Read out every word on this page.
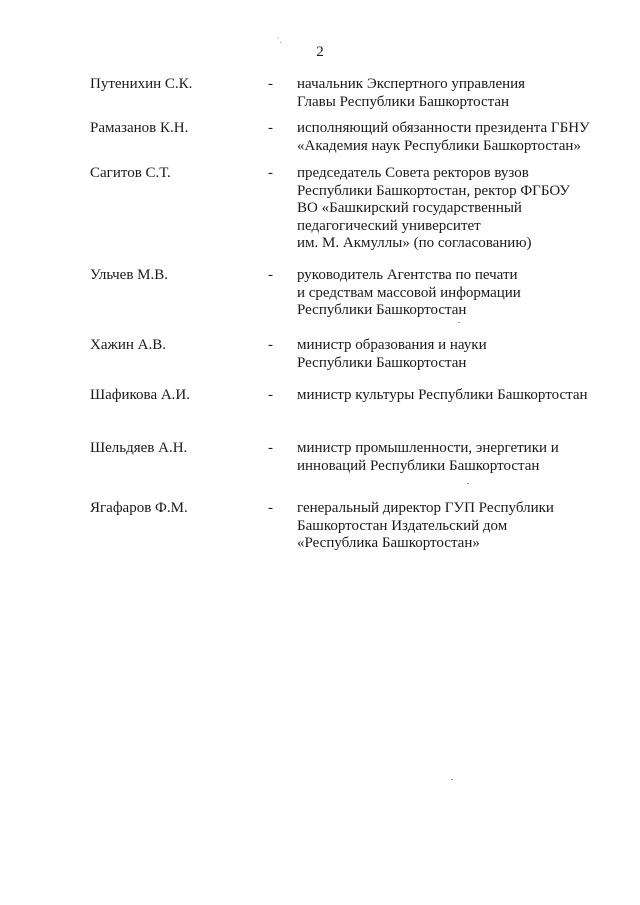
`.
2
Путенихин С.К.	- начальник Экспертного управления
Главы Республики Башкортостан
Рамазанов К.Н.	- исполняющий обязанности президента ГБНУ
«Академия наук Республики Башкортостан»
Сагитов С.Т.	- председатель Совета ректоров вузов
Республики Башкортостан, ректор ФГБОУ
ВО «Башкирский государственный
педагогический университет
им. М. Акмуллы» (по согласованию)
Ульчев М.В.	- руководитель Агентства по печати
и средствам массовой информации
Республики Башкортостан
Хажин А.В.	- министр образования и науки
Республики Башкортостан
Шафикова А.И.	- министр культуры Республики Башкортостан
Шельдяев А.Н.	- министр промышленности, энергетики и
инноваций Республики Башкортостан
Ягафаров Ф.М.	- генеральный директор ГУП Республики
Башкортостан Издательский дом
«Республика Башкортостан»
